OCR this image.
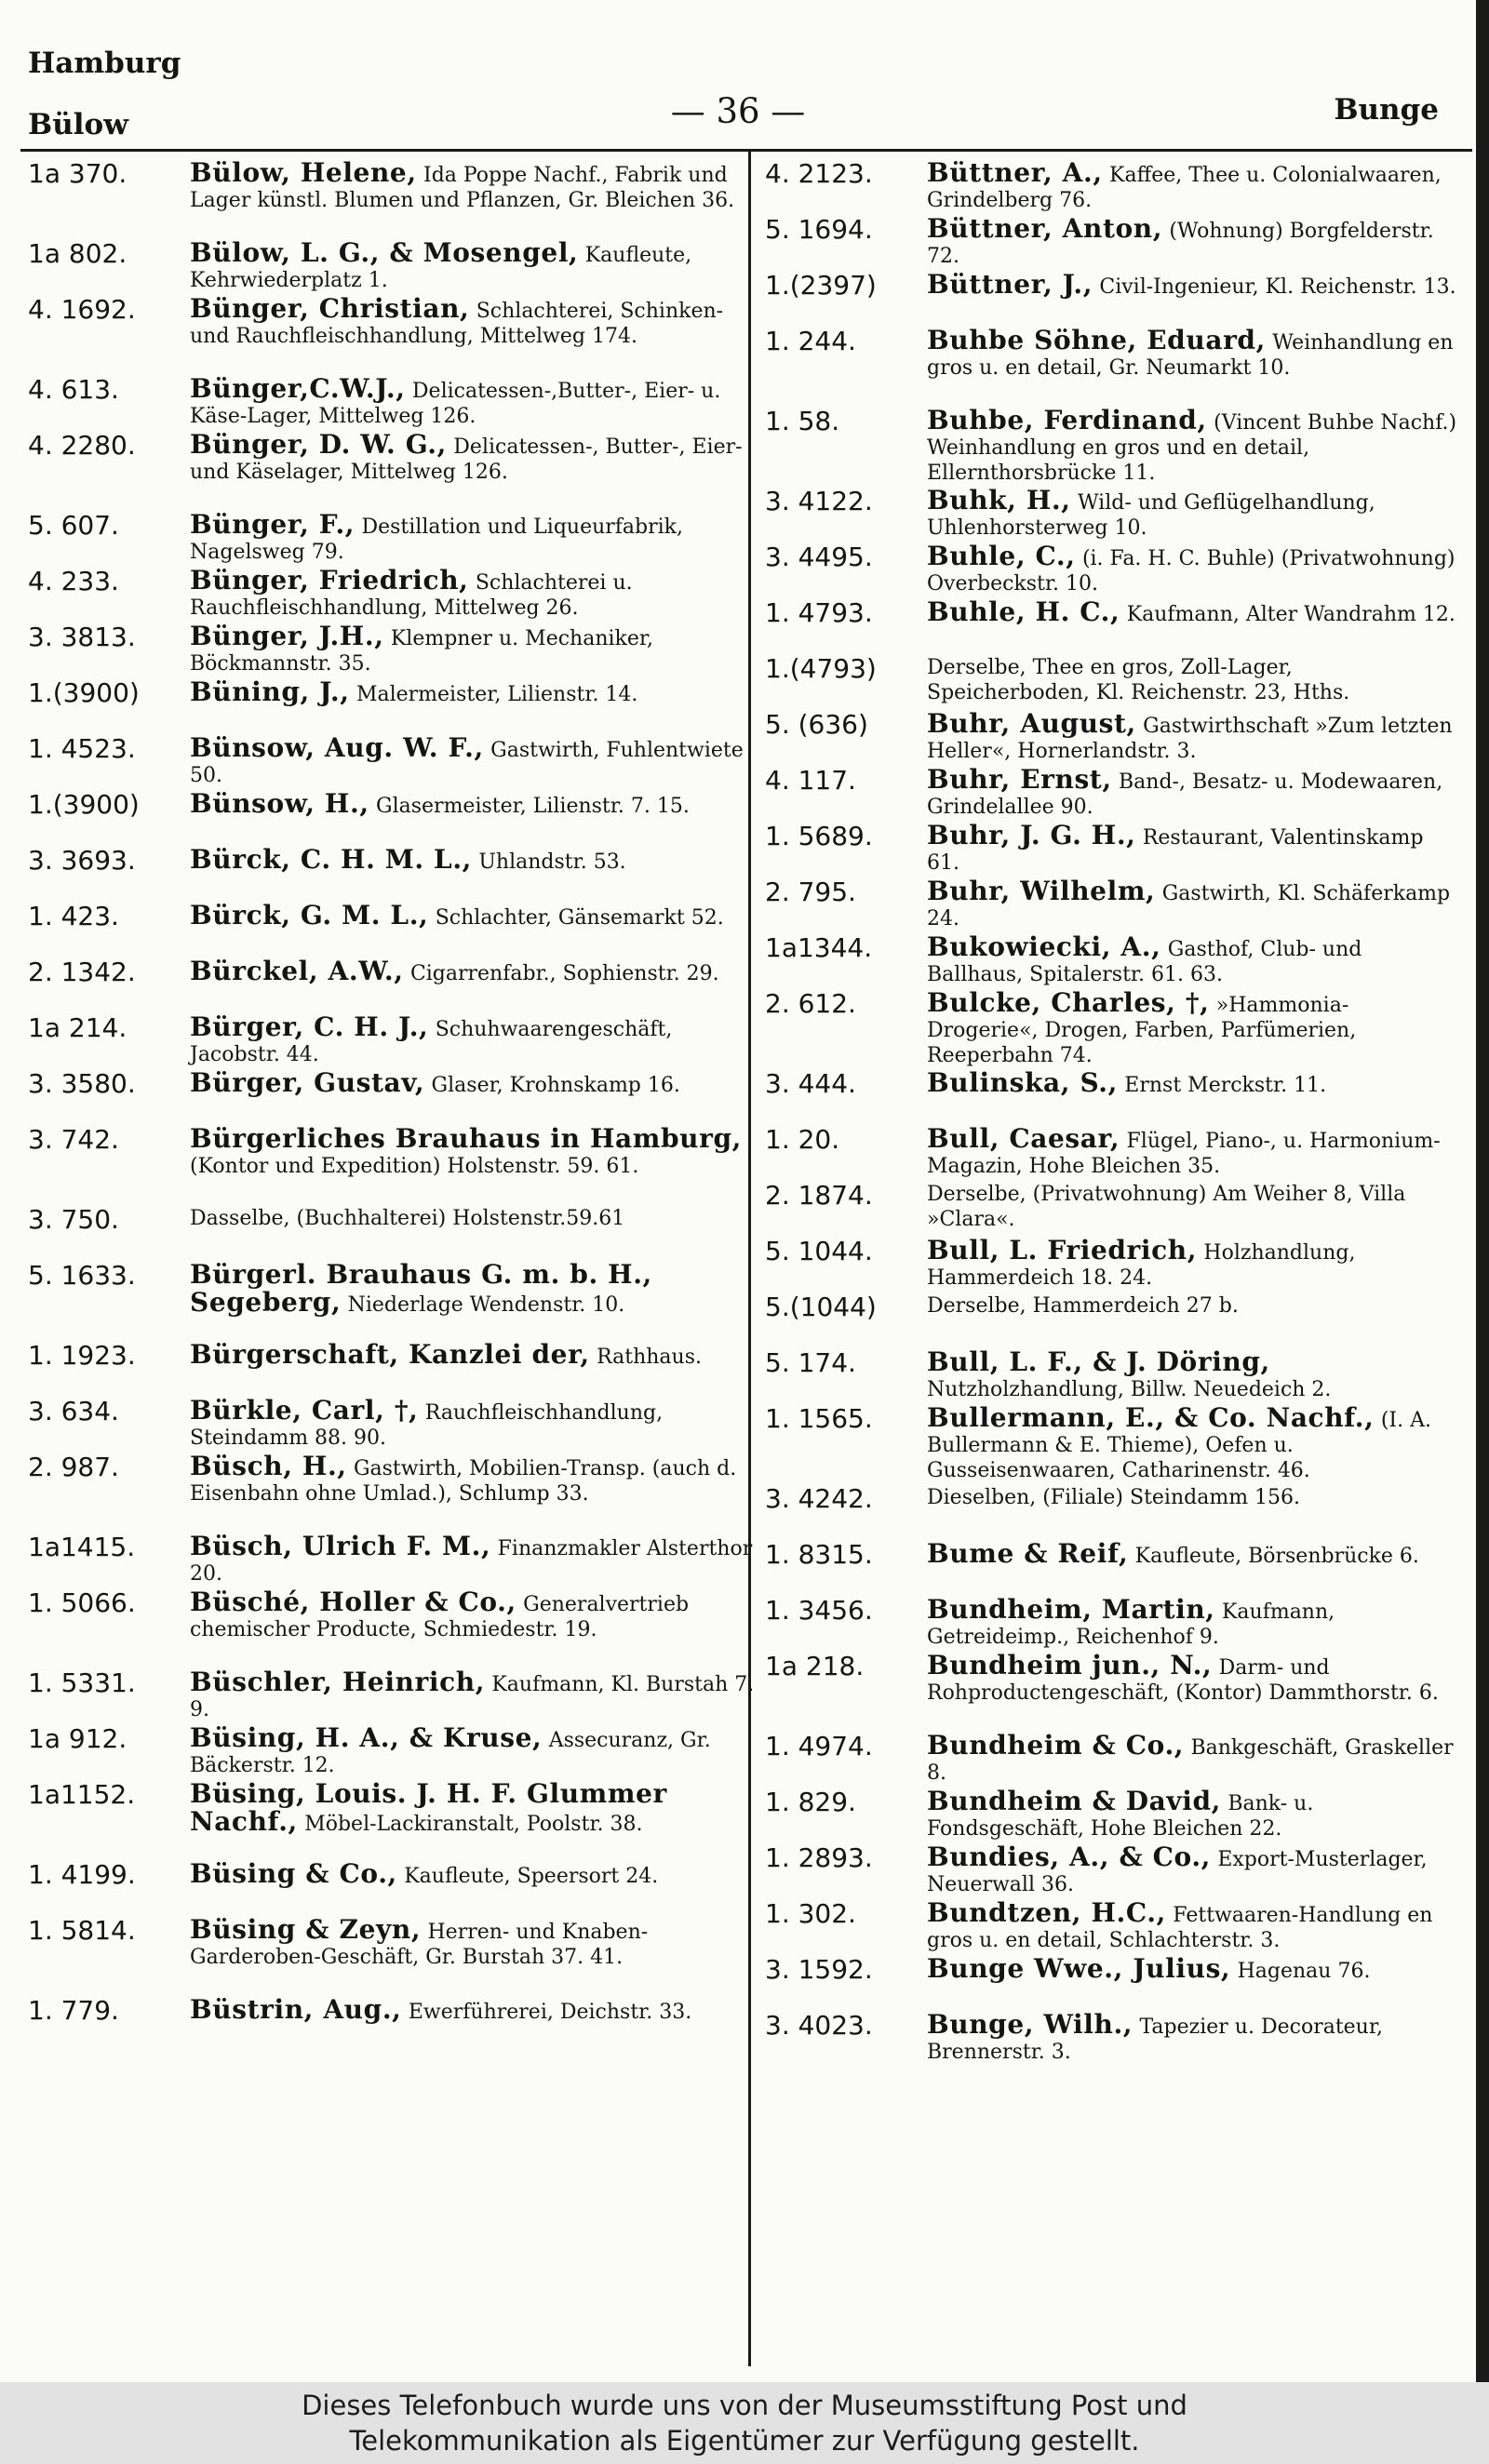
Hamburg
Bülow	— 36 —	Bunge
1a 370. Bülow, Helene, Ida Poppe Nachf., Fabrik und Lager künstl. Blumen und Pflanzen, Gr. Bleichen 36.
1a 802. Bülow, L. G., & Mosengel, Kaufleute, Kehrwiederplatz 1.
4. 1692. Bünger, Christian, Schlachterei, Schinken- und Rauchfleischhandlung, Mittelweg 174.
4. 613.	Bünger,C.W.J., Delicatessen-,Butter-, Eier- u. Käse-Lager, Mittelweg 126.
4. 2280. Bünger, D. W. G., Delicatessen-, Butter-, Eier- und Käselager, Mittelweg 126.
5. 607.	Bünger, F., Destillation und Liqueurfabrik, Nagelsweg 79.
4. 233.	Bünger, Friedrich, Schlachterei u. Rauchfleischhandlung, Mittelweg 26.
3. 3813. Bünger, J.H., Klempner u. Mechaniker, Böckmannstr. 35.
1.(3900) Büning, J., Malermeister, Lilienstr. 14.
1. 4523. Bünsow, Aug. W. F., Gastwirth, Fuhlentwiete 50.
1.(3900) Bünsow, H., Glasermeister, Lilienstr. 7. 15.
3. 3693. Bürck, C. H. M. L., Uhlandstr. 53.
1. 423.	Bürck, G. M. L., Schlachter, Gänsemarkt 52.
2. 1342. Bürckel, A.W., Cigarrenfabr., Sophienstr. 29.
1a 214. Bürger, C. H. J., Schuhwaarengeschäft, Jacobstr. 44.
3. 3580. Bürger, Gustav, Glaser, Krohnskamp 16.
3. 742.	Bürgerliches Brauhaus in Hamburg, (Kontor und Expedition) Holstenstr. 59. 61.
3. 750.	Dasselbe, (Buchhalterei) Holstenstr.59.61
5. 1633. Bürgerl. Brauhaus G. m. b. H., Segeberg, Niederlage Wendenstr. 10.
1. 1923. Bürgerschaft, Kanzlei der, Rathhaus.
3. 634.	Bürkle, Carl, †, Rauchfleischhandlung, Steindamm 88. 90.
2. 987.	Büsch, H., Gastwirth, Mobilien-Transp. (auch d. Eisenbahn ohne Umlad.), Schlump 33.
1a1415. Büsch, Ulrich F. M., Finanzmakler Alsterthor 20.
1. 5066. Büsché, Holler & Co., Generalvertrieb chemischer Producte, Schmiedestr. 19.
1. 5331. Büschler, Heinrich, Kaufmann, Kl. Burstah 7. 9.
1a 912. Büsing, H. A., & Kruse, Assecuranz, Gr. Bäckerstr. 12.
1a1152. Büsing, Louis. J. H. F. Glummer Nachf., Möbel-Lackiranstalt, Poolstr. 38.
1. 4199. Büsing & Co., Kaufleute, Speersort 24.
1. 5814. Büsing & Zeyn, Herren- und Knaben-Garderoben-Geschäft, Gr. Burstah 37. 41.
1. 779.	Büstrin, Aug., Ewerführerei, Deichstr. 33.
4. 2123. Büttner, A., Kaffee, Thee u. Colonialwaaren, Grindelberg 76.
5. 1694. Büttner, Anton, (Wohnung) Borgfelderstr. 72.
1.(2397) Büttner, J., Civil-Ingenieur, Kl. Reichenstr. 13.
1. 244.	Buhbe Söhne, Eduard, Weinhandlung en gros u. en detail, Gr. Neumarkt 10.
1. 58.	Buhbe, Ferdinand, (Vincent Buhbe Nachf.) Weinhandlung en gros und en detail, Ellernthorsbrücke 11.
3. 4122. Buhk, H., Wild- und Geflügelhandlung, Uhlenhorsterweg 10.
3. 4495. Buhle, C., (i. Fa. H. C. Buhle) (Privatwohnung) Overbeckstr. 10.
1. 4793. Buhle, H. C., Kaufmann, Alter Wandrahm 12.
1.(4793) Derselbe, Thee en gros, Zoll-Lager, Speicherboden, Kl. Reichenstr. 23, Hths.
5. (636) Buhr, August, Gastwirthschaft »Zum letzten Heller«, Hornerlandstr. 3.
4. 117.	Buhr, Ernst, Band-, Besatz- u. Modewaaren, Grindelallee 90.
1. 5689. Buhr, J. G. H., Restaurant, Valentinskamp 61.
2. 795.	Buhr, Wilhelm, Gastwirth, Kl. Schäferkamp 24.
1a1344. Bukowiecki, A., Gasthof, Club- und Ballhaus, Spitalerstr. 61. 63.
2. 612.	Bulcke, Charles, †, »Hammonia-Drogerie«, Drogen, Farben, Parfümerien, Reeperbahn 74.
3. 444.	Bulinska, S., Ernst Merckstr. 11.
1. 20.	Bull, Caesar, Flügel, Piano-, u. Harmonium-Magazin, Hohe Bleichen 35.
2. 1874.	Derselbe, (Privatwohnung) Am Weiher 8, Villa »Clara«.
5. 1044. Bull, L. Friedrich, Holzhandlung, Hammerdeich 18. 24.
5.(1044) Derselbe, Hammerdeich 27 b.
5. 174.	Bull, L. F., & J. Döring, Nutzholzhandlung, Billw. Neuedeich 2.
1. 1565. Bullermann, E., & Co. Nachf., (I. A. Bullermann & E. Thieme), Oefen u. Gusseisenwaaren, Catharinenstr. 46.
3. 4242.	Dieselben, (Filiale) Steindamm 156.
1. 8315. Bume & Reif, Kaufleute, Börsenbrücke 6.
1. 3456. Bundheim, Martin, Kaufmann, Getreideimp., Reichenhof 9.
1a 218. Bundheim jun., N., Darm- und Rohproductengeschäft, (Kontor) Dammthorstr. 6.
1. 4974. Bundheim & Co., Bankgeschäft, Graskeller 8.
1. 829.	Bundheim & David, Bank- u. Fondsgeschäft, Hohe Bleichen 22.
1. 2893. Bundies, A., & Co., Export-Musterlager, Neuerwall 36.
1. 302.	Bundtzen, H.C., Fettwaaren-Handlung en gros u. en detail, Schlachterstr. 3.
3. 1592. Bunge Wwe., Julius, Hagenau 76.
3. 4023. Bunge, Wilh., Tapezier u. Decorateur, Brennerstr. 3.

Dieses Telefonbuch wurde uns von der Museumsstiftung Post und

Telekommunikation als Eigentümer zur Verfügung gestellt.
